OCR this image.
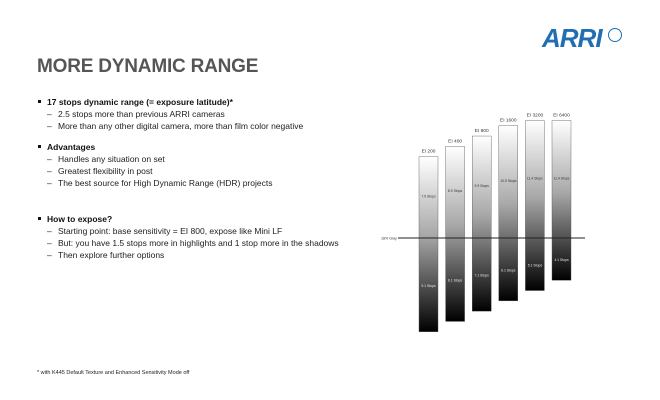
ARRI
MORE DYNAMIC RANGE
17 stops dynamic range (= exposure latitude)*
– 2.5 stops more than previous ARRI cameras
– More than any other digital camera, more than film color negative
Advantages
– Handles any situation on set
– Greatest flexibility in post
– The best source for High Dynamic Range (HDR) projects
How to expose?
– Starting point: base sensitivity = EI 800, expose like Mini LF
– But: you have 1.5 stops more in highlights and 1 stop more in the shadows
– Then explore further options
EI 200
7.9 Stops
9.1 Stops
EI 400
8.9 Stops
8.1 Stops
EI 800
9.9 Stops
7.1 Stops
EI 1600
10.9 Stops
6.1 Stops
EI 3200
11.4 Stops
5.1 Stops
EI 6400
11.4 Stops
4.1 Stops
18% Gray
* with K445 Default Texture and Enhanced Sensitivity Mode off
